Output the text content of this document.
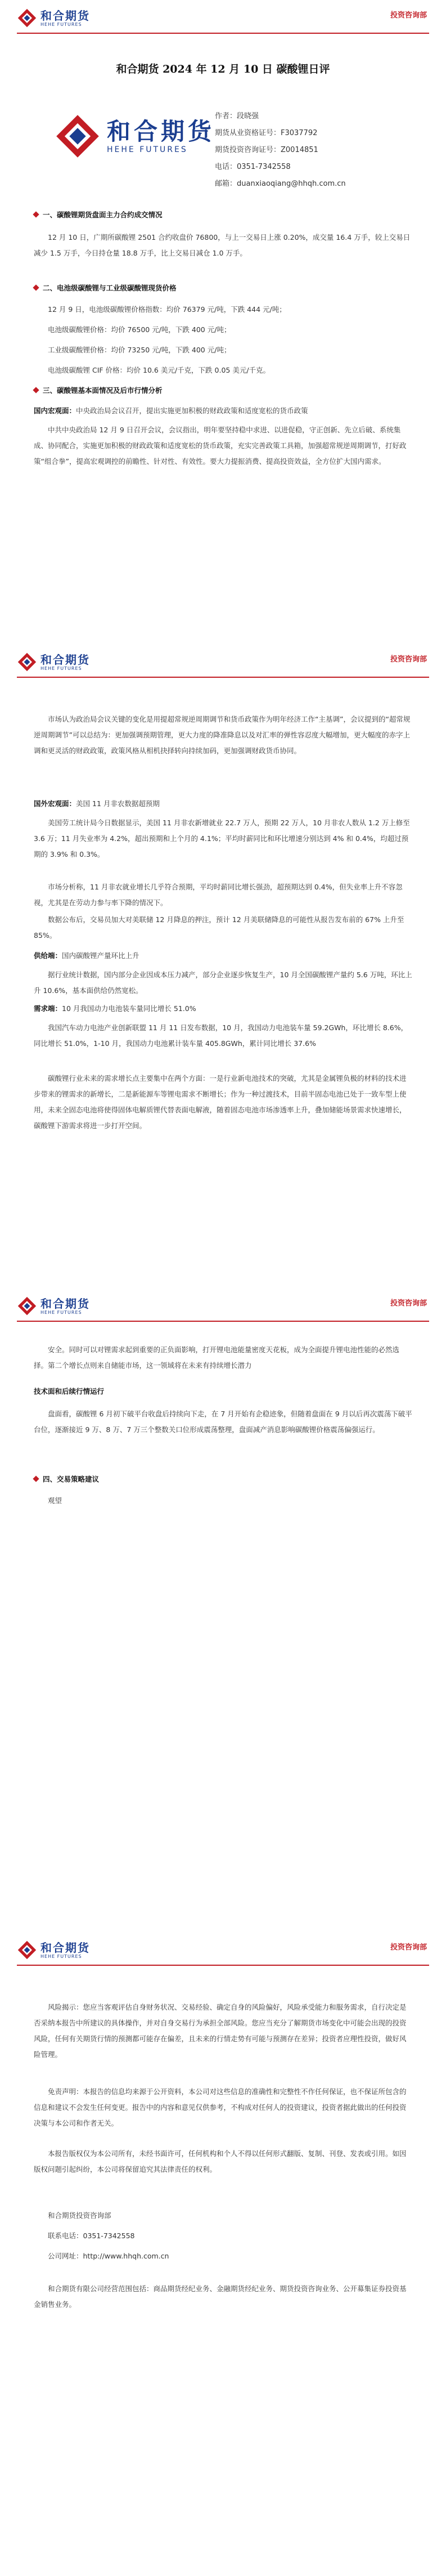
和合期货
HEHE FUTURES
投资咨询部
和合期货 2024 年 12 月 10 日 碳酸锂日评
和合期货
HEHE FUTURES
作者：段晓强
期货从业资格证号：F3037792
期货投资咨询证号：Z0014851
电话：0351-7342558
邮箱：duanxiaoqiang@hhqh.com.cn
一、碳酸锂期货盘面主力合约成交情况
12 月 10 日，广期所碳酸锂 2501 合约收盘价 76800，与上一交易日上涨 0.20%，成交量 16.4 万手，较上交易日减少 1.5 万手，今日持仓量 18.8 万手，比上交易日减仓 1.0 万手。
二、电池级碳酸锂与工业级碳酸锂现货价格
12 月 9 日，电池级碳酸锂价格指数：均价 76379 元/吨，下跌 444 元/吨；
电池级碳酸锂价格：均价 76500 元/吨，下跌 400 元/吨；
工业级碳酸锂价格：均价 73250 元/吨，下跌 400 元/吨；
电池级碳酸锂 CIF 价格：均价 10.6 美元/千克，下跌 0.05 美元/千克。
三、碳酸锂基本面情况及后市行情分析
国内宏观面：中央政治局会议召开，提出实施更加积极的财政政策和适度宽松的货币政策
中共中央政治局 12 月 9 日召开会议，会议指出，明年要坚持稳中求进、以进促稳，守正创新、先立后破、系统集成、协同配合，实施更加积极的财政政策和适度宽松的货币政策，充实完善政策工具箱，加强超常规逆周期调节，打好政策“组合拳”，提高宏观调控的前瞻性、针对性、有效性。要大力提振消费、提高投资效益，全方位扩大国内需求。
和合期货
HEHE FUTURES
投资咨询部
市场认为政治局会议关键的变化是用提超常规逆周期调节和货币政策作为明年经济工作“主基调”，会议提到的“超常规逆周期调节”可以总结为：更加强调预期管理，更大力度的降准降息以及对汇率的弹性容忍度大幅增加，更大幅度的赤字上调和更灵活的财政政策，政策风格从相机抉择转向持续加码，更加强调财政货币协同。
国外宏观面：美国 11 月非农数据超预期
美国劳工统计局今日数据显示，美国 11 月非农新增就业 22.7 万人，预期 22 万人，10 月非农人数从 1.2 万上修至 3.6 万；11 月失业率为 4.2%，超出预期和上个月的 4.1%；平均时薪同比和环比增速分别达到 4% 和 0.4%，均超过预期的 3.9% 和 0.3%。
市场分析称，11 月非农就业增长几乎符合预期，平均时薪同比增长强劲，超预期达到 0.4%，但失业率上升不容忽视，尤其是在劳动力参与率下降的情况下。
数据公布后，交易员加大对美联储 12 月降息的押注，预计 12 月美联储降息的可能性从报告发布前的 67% 上升至 85%。
供给端：国内碳酸锂产量环比上升
据行业统计数据，国内部分企业因成本压力减产，部分企业逐步恢复生产，10 月全国碳酸锂产量约 5.6 万吨，环比上升 10.6%，基本面供给仍然宽松。
需求端：10 月我国动力电池装车量同比增长 51.0%
我国汽车动力电池产业创新联盟 11 月 11 日发布数据，10 月，我国动力电池装车量 59.2GWh，环比增长 8.6%，同比增长 51.0%，1-10 月，我国动力电池累计装车量 405.8GWh，累计同比增长 37.6%
碳酸锂行业未来的需求增长点主要集中在两个方面：一是行业新电池技术的突破，尤其是金属锂负极的材料的技术进步带来的锂需求的新增长，二是新能源车等锂电需求不断增长；作为一种过渡技术，目前半固态电池已处于一致车型上使用，未来全固态电池将使得固体电解质锂代替表面电解液，随着固态电池市场渗透率上升，叠加储能场景需求快速增长，碳酸锂下游需求将进一步打开空间。
和合期货
HEHE FUTURES
投资咨询部
安全。同时可以对锂需求起到重要的正负面影响，打开锂电池能量密度天花板，成为全面提升锂电池性能的必然选择。第二个增长点则来自储能市场，这一领域将在未来有持续增长潜力
技术面和后续行情运行
盘面看，碳酸锂 6 月初下破平台收盘后持续向下走，在 7 月开始有企稳迹象，但随着盘面在 9 月以后再次震荡下破平台位，逐渐接近 9 万、8 万、7 万三个整数关口位形成震荡整理，盘面减产消息影响碳酸锂价格震荡偏强运行。
四、交易策略建议
观望
和合期货
HEHE FUTURES
投资咨询部
风险揭示：您应当客观评估自身财务状况、交易经验、确定自身的风险偏好，风险承受能力和服务需求，自行决定是否采纳本报告中所建议的具体操作，并对自身交易行为承担全部风险。您应当充分了解期货市场变化中可能会出现的投资风险，任何有关期货行情的预测都可能存在偏差，且未来的行情走势有可能与预测存在差异；投资者应理性投资，做好风险管理。
免责声明：本报告的信息均来源于公开资料，本公司对这些信息的准确性和完整性不作任何保证，也不保证所包含的信息和建议不会发生任何变更。报告中的内容和意见仅供参考，不构成对任何人的投资建议，投资者据此做出的任何投资决策与本公司和作者无关。
本报告版权仅为本公司所有，未经书面许可，任何机构和个人不得以任何形式翻版、复制、刊登、发表或引用。如因版权问题引起纠纷，本公司将保留追究其法律责任的权利。
和合期货投资咨询部
联系电话：0351-7342558
公司网址：http://www.hhqh.com.cn
和合期货有限公司经营范围包括：商品期货经纪业务、金融期货经纪业务、期货投资咨询业务、公开募集证券投资基金销售业务。
